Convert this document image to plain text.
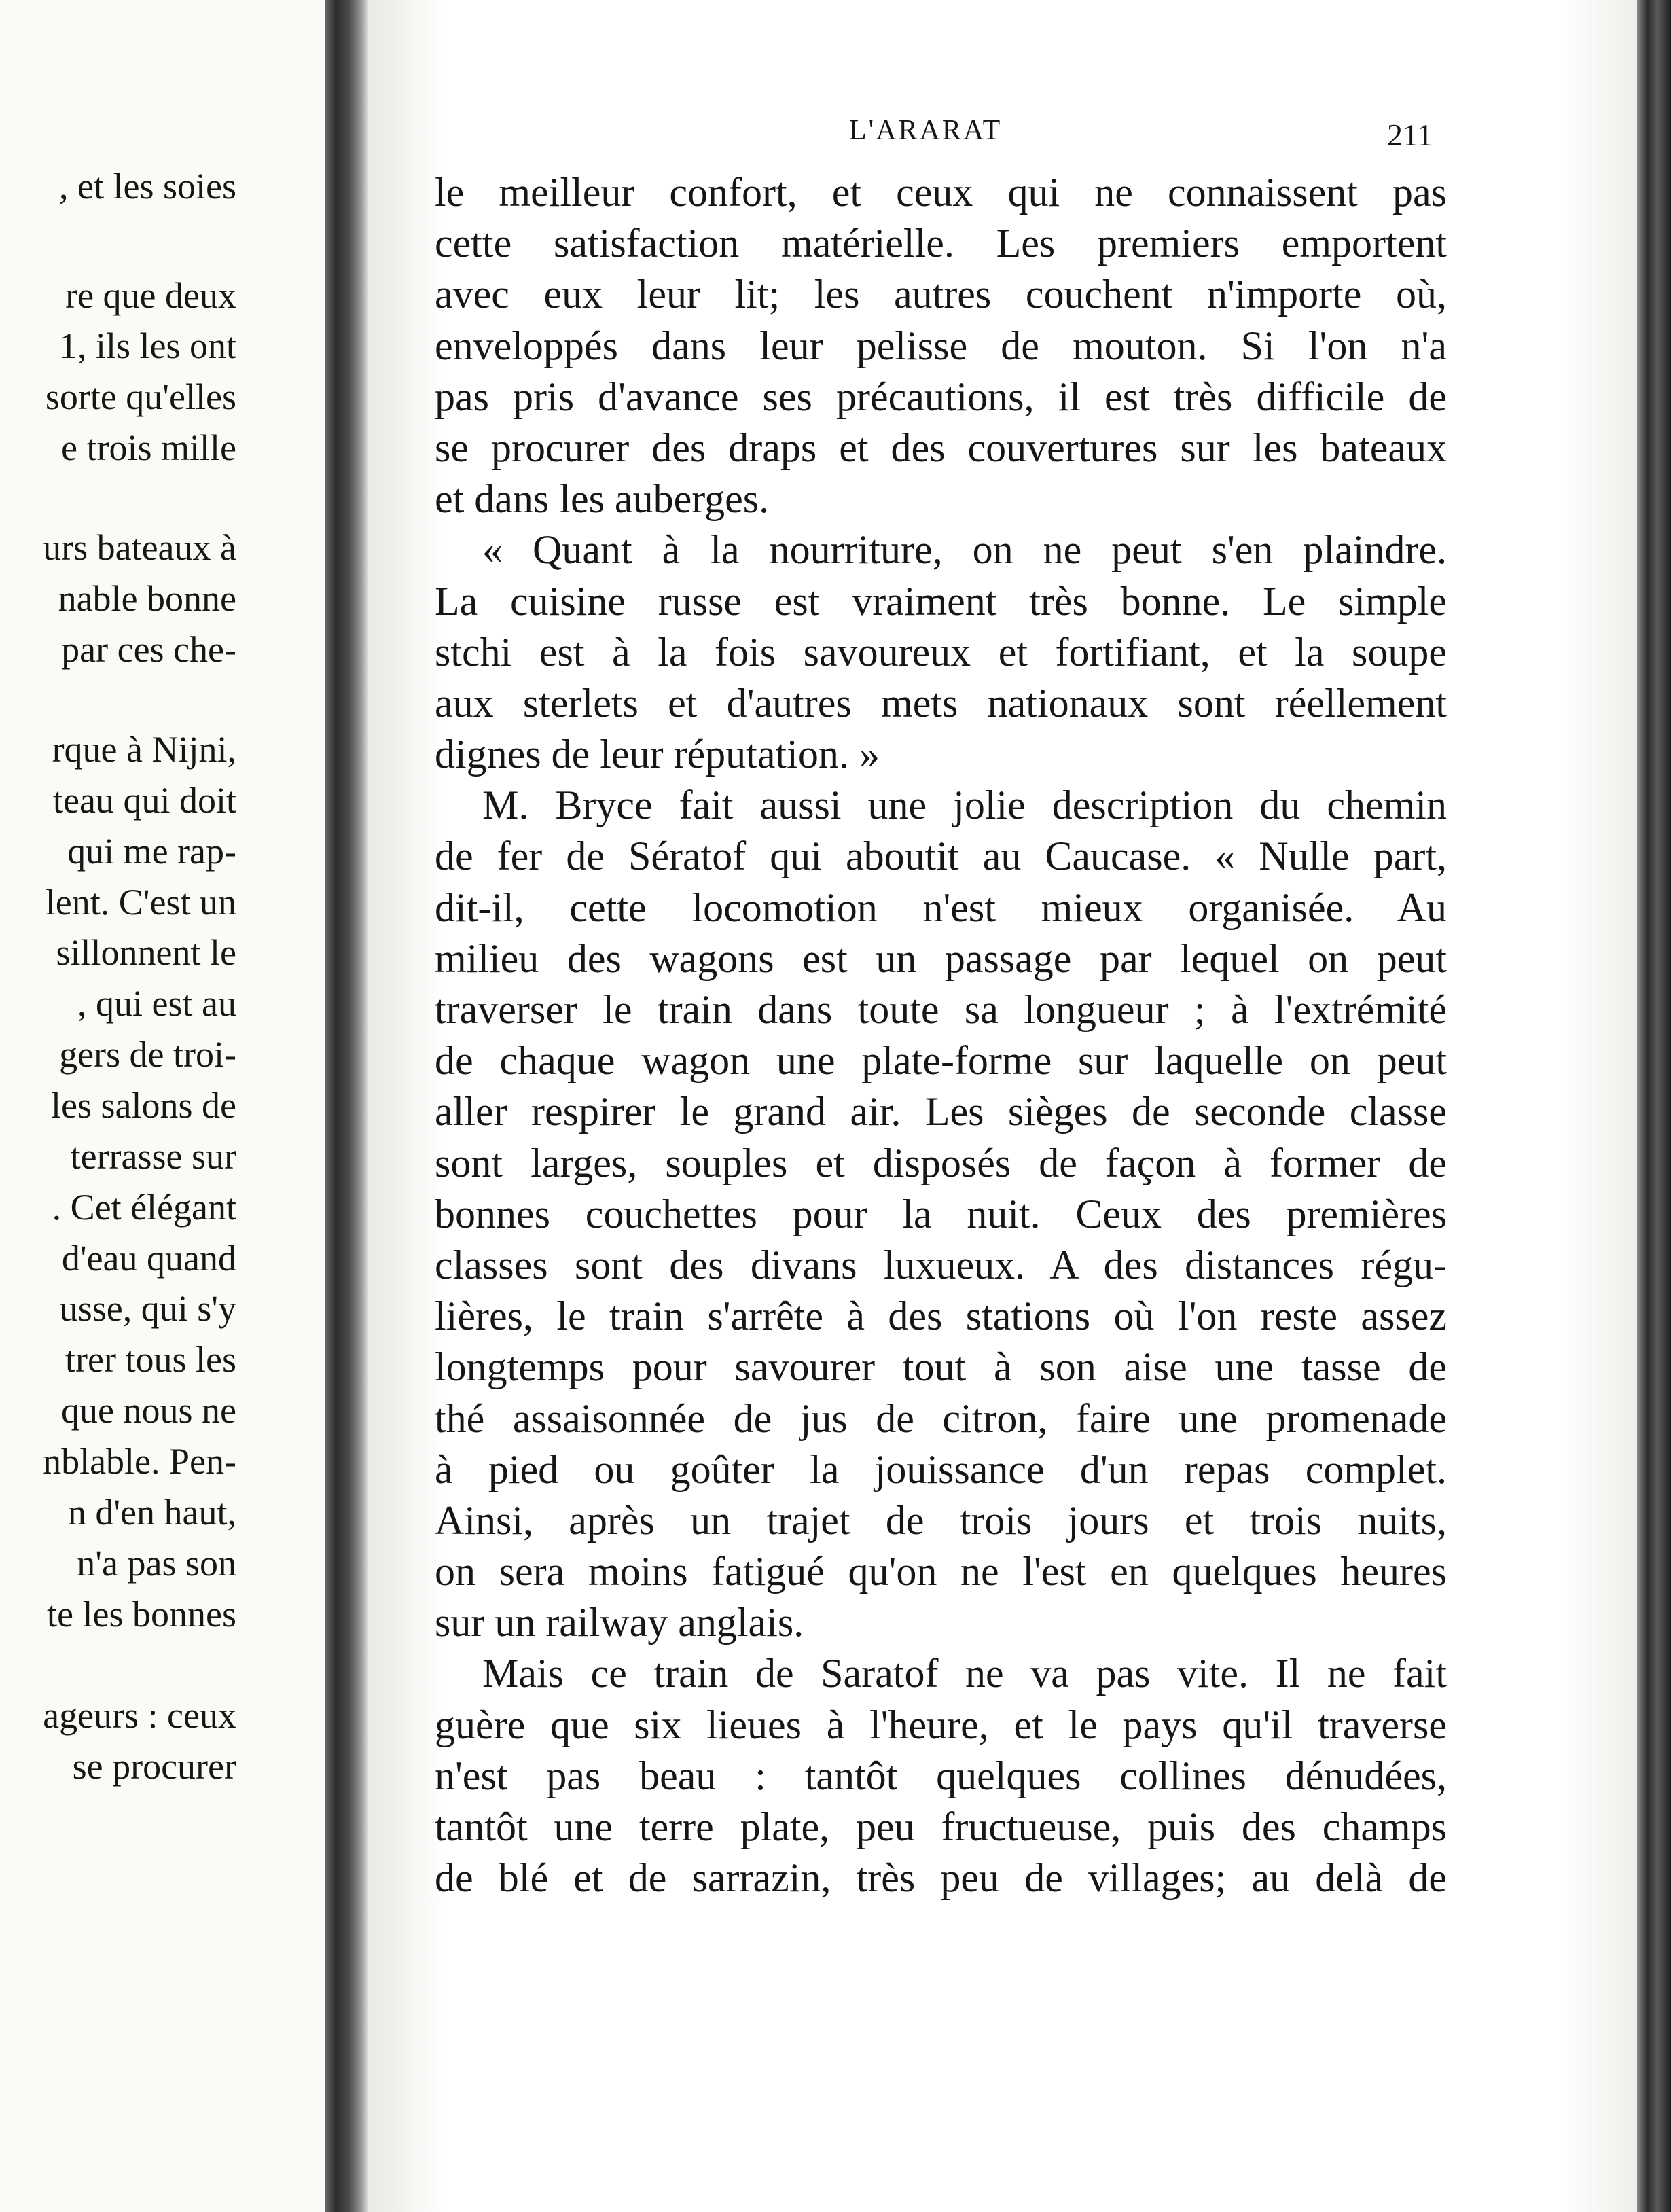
, et les soies

re que deux

1, ils les ont

sorte qu'elles

e trois mille

urs bateaux à

nable bonne

par ces che-

rque à Nijni,

teau qui doit

qui me rap-

lent. C'est un

sillonnent le

, qui est au

gers de troi-

les salons de

terrasse sur

. Cet élégant

d'eau quand

usse, qui s'y

trer tous les

que nous ne

nblable. Pen-

n d'en haut,

n'a pas son

te les bonnes

ageurs : ceux

se procurer

L'ARARAT	211

le meilleur confort, et ceux qui ne connaissent pas

cette satisfaction matérielle. Les premiers emportent

avec eux leur lit; les autres couchent n'importe où,

enveloppés dans leur pelisse de mouton. Si l'on n'a

pas pris d'avance ses précautions, il est très difficile de

se procurer des draps et des couvertures sur les bateaux

et dans les auberges.

« Quant à la nourriture, on ne peut s'en plaindre.

La cuisine russe est vraiment très bonne. Le simple

stchi est à la fois savoureux et fortifiant, et la soupe

aux sterlets et d'autres mets nationaux sont réellement

dignes de leur réputation. »

M. Bryce fait aussi une jolie description du chemin

de fer de Sératof qui aboutit au Caucase. « Nulle part,

dit-il, cette locomotion n'est mieux organisée. Au

milieu des wagons est un passage par lequel on peut

traverser le train dans toute sa longueur ; à l'extrémité

de chaque wagon une plate-forme sur laquelle on peut

aller respirer le grand air. Les sièges de seconde classe

sont larges, souples et disposés de façon à former de

bonnes couchettes pour la nuit. Ceux des premières

classes sont des divans luxueux. A des distances régu-

lières, le train s'arrête à des stations où l'on reste assez

longtemps pour savourer tout à son aise une tasse de

thé assaisonnée de jus de citron, faire une promenade

à pied ou goûter la jouissance d'un repas complet.

Ainsi, après un trajet de trois jours et trois nuits,

on sera moins fatigué qu'on ne l'est en quelques heures

sur un railway anglais.

Mais ce train de Saratof ne va pas vite. Il ne fait

guère que six lieues à l'heure, et le pays qu'il traverse

n'est pas beau : tantôt quelques collines dénudées,

tantôt une terre plate, peu fructueuse, puis des champs

de blé et de sarrazin, très peu de villages; au delà de
